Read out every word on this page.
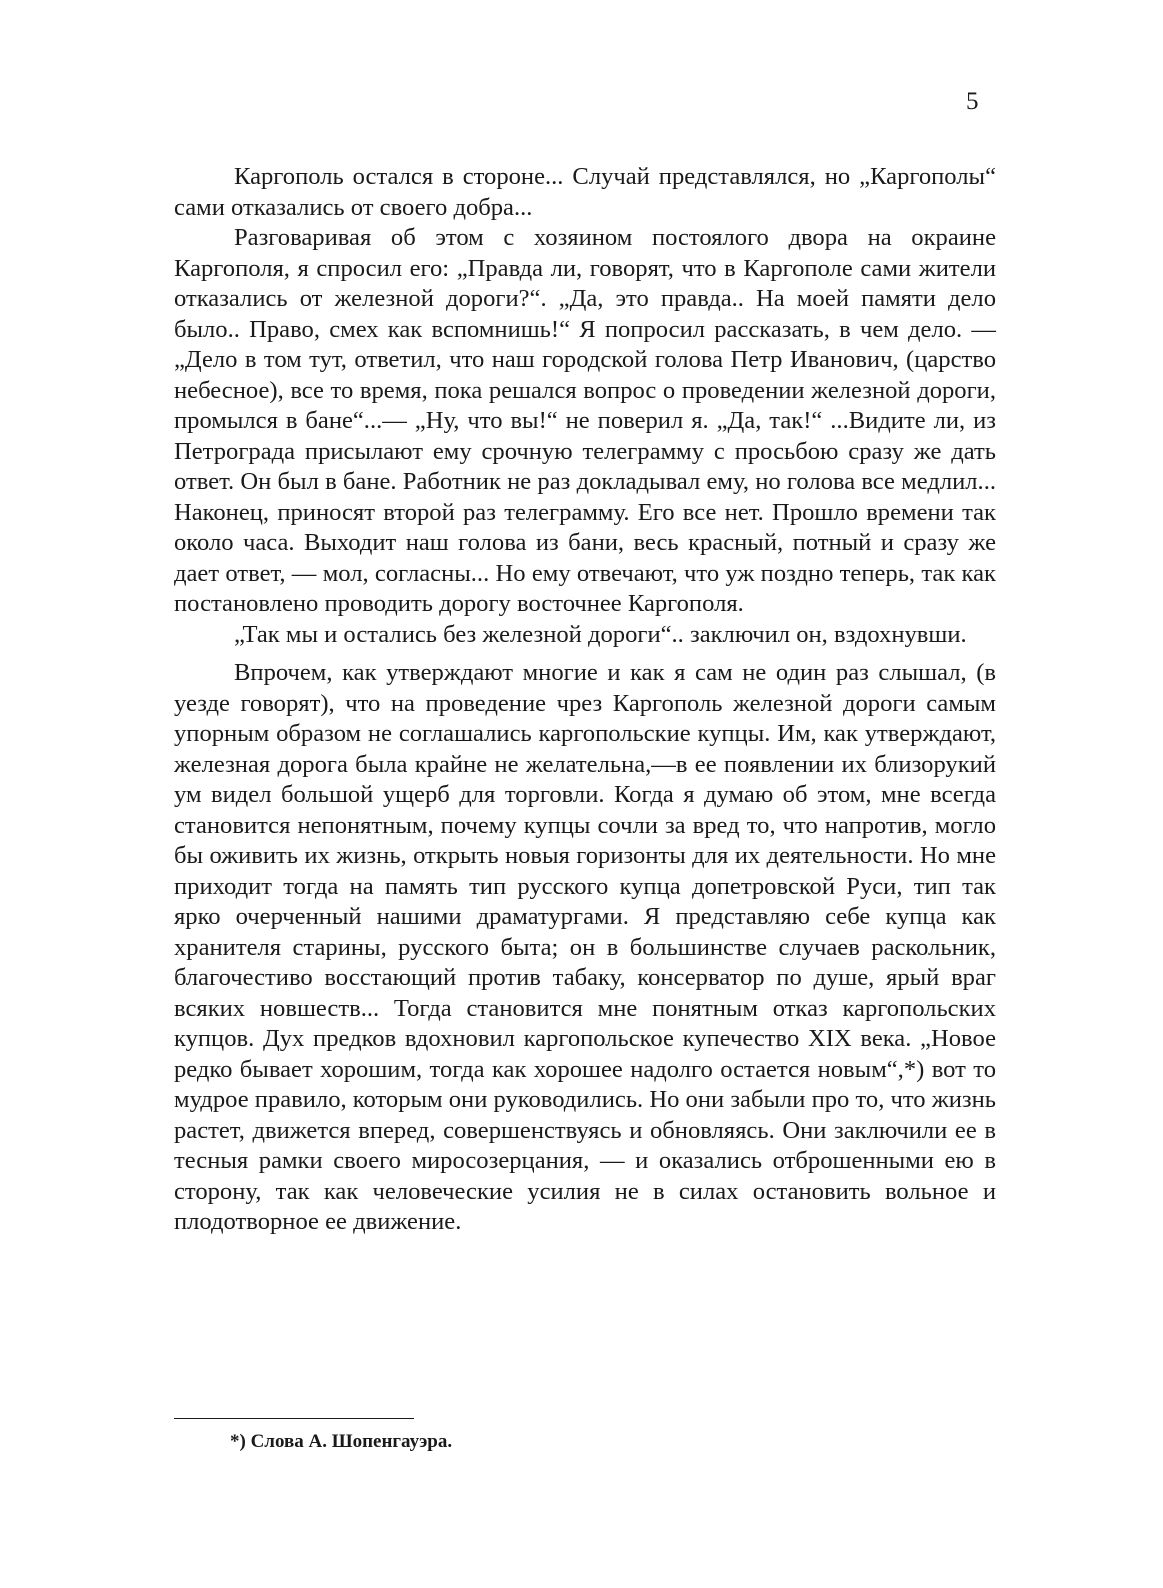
5

Каргополь остался в стороне... Случай представлялся, но „Каргополы“ сами отказались от своего добра...

Разговаривая об этом с хозяином постоялого двора на окраине Каргополя, я спросил его: „Правда ли, говорят, что в Каргополе сами жители отказались от железной дороги?“. „Да, это правда.. На моей памяти дело было.. Право, смех как вспомнишь!“ Я попросил рассказать, в чем дело. — „Дело в том тут, ответил, что наш городской голова Петр Иванович, (царство небесное), все то время, пока решался вопрос о проведении железной дороги, промылся в бане“...— „Ну, что вы!“ не поверил я. „Да, так!“ ...Видите ли, из Петрограда присылают ему срочную телеграмму с просьбою сразу же дать ответ. Он был в бане. Работник не раз докладывал ему, но голова все медлил... Наконец, приносят второй раз телеграмму. Его все нет. Прошло времени так около часа. Выходит наш голова из бани, весь красный, потный и сразу же дает ответ, — мол, согласны... Но ему отвечают, что уж поздно теперь, так как постановлено проводить дорогу восточнее Каргополя.

„Так мы и остались без железной дороги“.. заключил он, вздохнувши.

Впрочем, как утверждают многие и как я сам не один раз слышал, (в уезде говорят), что на проведение чрез Каргополь железной дороги самым упорным образом не соглашались каргопольские купцы. Им, как утверждают, железная дорога была крайне не желательна,—в ее появлении их близорукий ум видел большой ущерб для торговли. Когда я думаю об этом, мне всегда становится непонятным, почему купцы сочли за вред то, что напротив, могло бы оживить их жизнь, открыть новыя горизонты для их деятельности. Но мне приходит тогда на память тип русского купца допетровской Руси, тип так ярко очерченный нашими драматургами. Я представляю себе купца как хранителя старины, русского быта; он в большинстве случаев раскольник, благочестиво восстающий против табаку, консерватор по душе, ярый враг всяких новшеств... Тогда становится мне понятным отказ каргопольских купцов. Дух предков вдохновил каргопольское купечество XIX века. „Новое редко бывает хорошим, тогда как хорошее надолго остается новым“,*) вот то мудрое правило, которым они руководились. Но они забыли про то, что жизнь растет, движется вперед, совершенствуясь и обновляясь. Они заключили ее в тесныя рамки своего миросозерцания, — и оказались отброшенными ею в сторону, так как человеческие усилия не в силах остановить вольное и плодотворное ее движение.

*) Слова А. Шопенгауэра.
